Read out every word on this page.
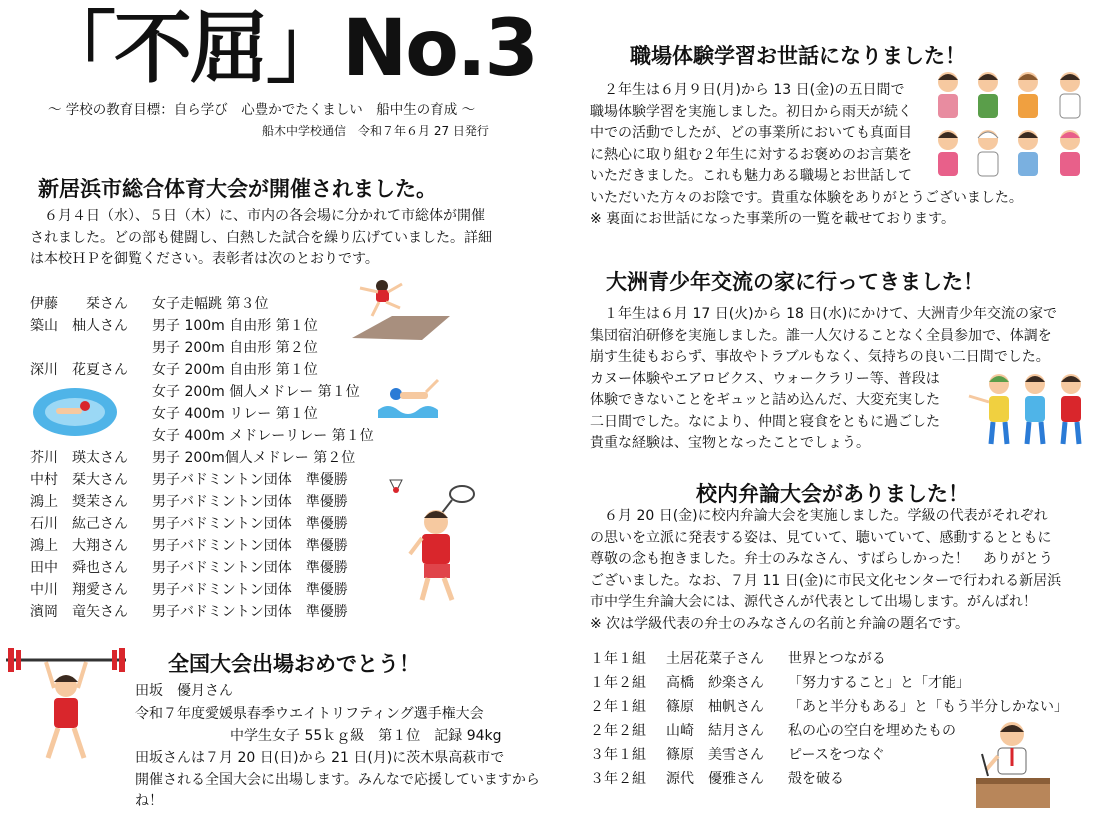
「不屈」No.3
～ 学校の教育目標：自ら学び　心豊かでたくましい　船中生の育成 ～
船木中学校通信　令和７年６月 27 日発行
新居浜市総合体育大会が開催されました。

６月４日（水）、５日（木）に、市内の各会場に分かれて市総体が開催

されました。どの部も健闘し、白熱した試合を繰り広げていました。詳細

は本校ＨＰを御覧ください。表彰者は次のとおりです。

伊藤　　栞さん 女子走幅跳 第３位
築山　柚人さん 男子 100m 自由形 第１位
男子 200m 自由形 第２位
深川　花夏さん 女子 200m 自由形 第１位
女子 200m 個人メドレー 第１位
女子 400m リレー 第１位
女子 400m メドレーリレー 第１位
芥川　瑛太さん 男子 200m個人メドレー 第２位
中村　栞大さん 男子バドミントン団体　準優勝
鴻上　奨茉さん 男子バドミントン団体　準優勝
石川　紘己さん 男子バドミントン団体　準優勝
鴻上　大翔さん 男子バドミントン団体　準優勝
田中　舜也さん 男子バドミントン団体　準優勝
中川　翔愛さん 男子バドミントン団体　準優勝
濱岡　竜矢さん 男子バドミントン団体　準優勝
全国大会出場おめでとう！
田坂　優月さん
令和７年度愛媛県春季ウエイトリフティング選手権大会
中学生女子 55ｋｇ級　第１位　記録 94kg

田坂さんは７月 20 日(日)から 21 日(月)に茨木県高萩市で

開催される全国大会に出場します。みんなで応援していますからね！

職場体験学習お世話になりました！

２年生は６月９日(月)から 13 日(金)の五日間で

職場体験学習を実施しました。初日から雨天が続く

中での活動でしたが、どの事業所においても真面目

に熱心に取り組む２年生に対するお褒めのお言葉を

いただきました。これも魅力ある職場とお世話して

いただいた方々のお陰です。貴重な体験をありがとうございました。

※ 裏面にお世話になった事業所の一覧を載せております。

大洲青少年交流の家に行ってきました！

１年生は６月 17 日(火)から 18 日(水)にかけて、大洲青少年交流の家で

集団宿泊研修を実施しました。誰一人欠けることなく全員参加で、体調を

崩す生徒もおらず、事故やトラブルもなく、気持ちの良い二日間でした。

カヌー体験やエアロビクス、ウォークラリー等、普段は

体験できないことをギュッと詰め込んだ、大変充実した

二日間でした。なにより、仲間と寝食をともに過ごした

貴重な経験は、宝物となったことでしょう。

校内弁論大会がありました！

６月 20 日(金)に校内弁論大会を実施しました。学級の代表がそれぞれ

の思いを立派に発表する姿は、見ていて、聴いていて、感動するとともに

尊敬の念も抱きました。弁士のみなさん、すばらしかった！　ありがとう

ございました。なお、７月 11 日(金)に市民文化センターで行われる新居浜

市中学生弁論大会には、源代さんが代表として出場します。がんばれ！

※ 次は学級代表の弁士のみなさんの名前と弁論の題名です。

１年１組 土居花菜子さん 世界とつながる
１年２組 高橋　紗楽さん 「努力すること」と「才能」
２年１組 篠原　柚帆さん 「あと半分もある」と「もう半分しかない」
２年２組 山崎　結月さん 私の心の空白を埋めたもの
３年１組 篠原　美雪さん ピースをつなぐ
３年２組 源代　優雅さん 殻を破る
